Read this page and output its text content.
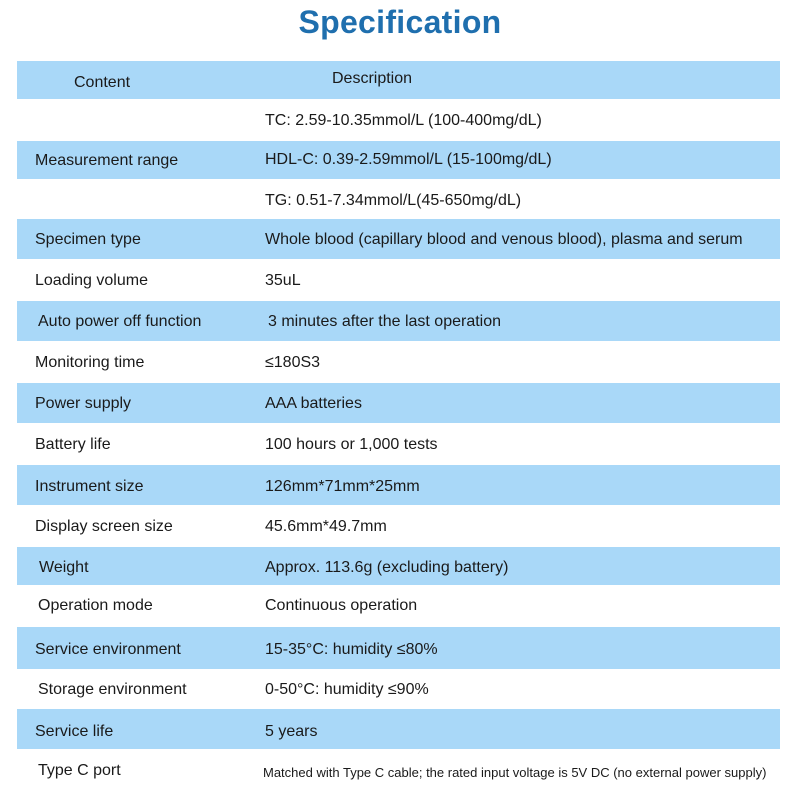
Specification
Content	Description
TC: 2.59-10.35mmol/L (100-400mg/dL)
Measurement range	HDL-C: 0.39-2.59mmol/L (15-100mg/dL)
TG: 0.51-7.34mmol/L(45-650mg/dL)
Specimen type	Whole blood (capillary blood and venous blood), plasma and serum
Loading volume	35uL
Auto power off function	3 minutes after the last operation
Monitoring time	≤180S3
Power supply	AAA batteries
Battery life	100 hours or 1,000 tests
Instrument size	126mm*71mm*25mm
Display screen size	45.6mm*49.7mm
Weight	Approx. 113.6g (excluding battery)
Operation mode	Continuous operation
Service environment	15-35°C: humidity ≤80%
Storage environment	0-50°C: humidity ≤90%
Service life	5 years
Type C port	Matched with Type C cable; the rated input voltage is 5V DC (no external power supply)
